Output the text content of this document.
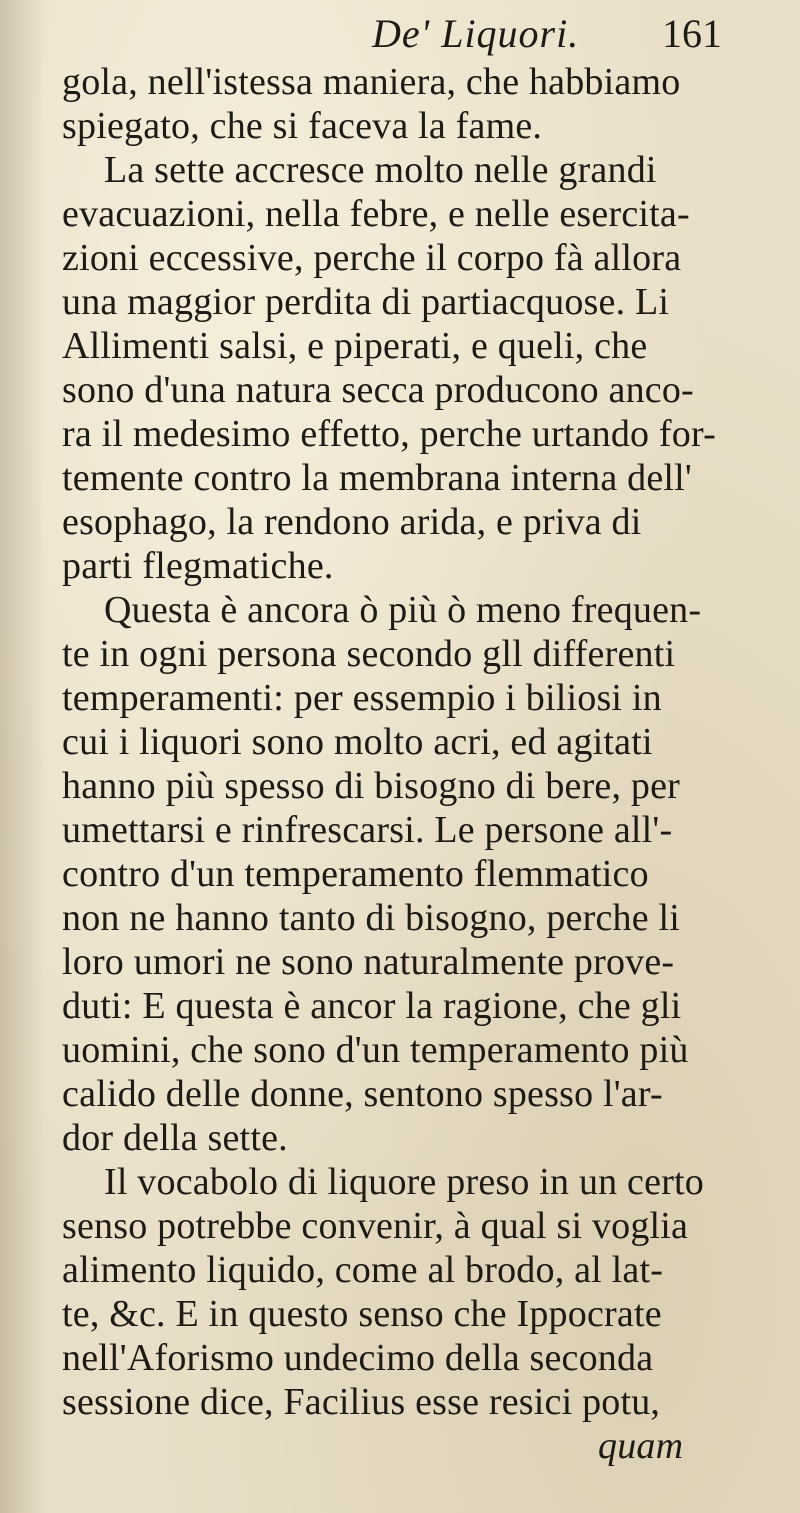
De' Liquori. 161
gola, nell'istessa maniera, che habbiamo
spiegato, che si faceva la fame.
La sette accresce molto nelle grandi
evacuazioni, nella febre, e nelle esercita-
zioni eccessive, perche il corpo fà allora
una maggior perdita di partiacquose. Li
Allimenti salsi, e piperati, e queli, che
sono d'una natura secca producono anco-
ra il medesimo effetto, perche urtando for-
temente contro la membrana interna dell'
esophago, la rendono arida, e priva di
parti flegmatiche.
Questa è ancora ò più ò meno frequen-
te in ogni persona secondo gll differenti
temperamenti: per essempio i biliosi in
cui i liquori sono molto acri, ed agitati
hanno più spesso di bisogno di bere, per
umettarsi e rinfrescarsi. Le persone all'-
contro d'un temperamento flemmatico
non ne hanno tanto di bisogno, perche li
loro umori ne sono naturalmente prove-
duti: E questa è ancor la ragione, che gli
uomini, che sono d'un temperamento più
calido delle donne, sentono spesso l'ar-
dor della sette.
Il vocabolo di liquore preso in un certo
senso potrebbe convenir, à qual si voglia
alimento liquido, come al brodo, al lat-
te, &c. E in questo senso che Ippocrate
nell'Aforismo undecimo della seconda
sessione dice, Facilius esse resici potu,
quam
